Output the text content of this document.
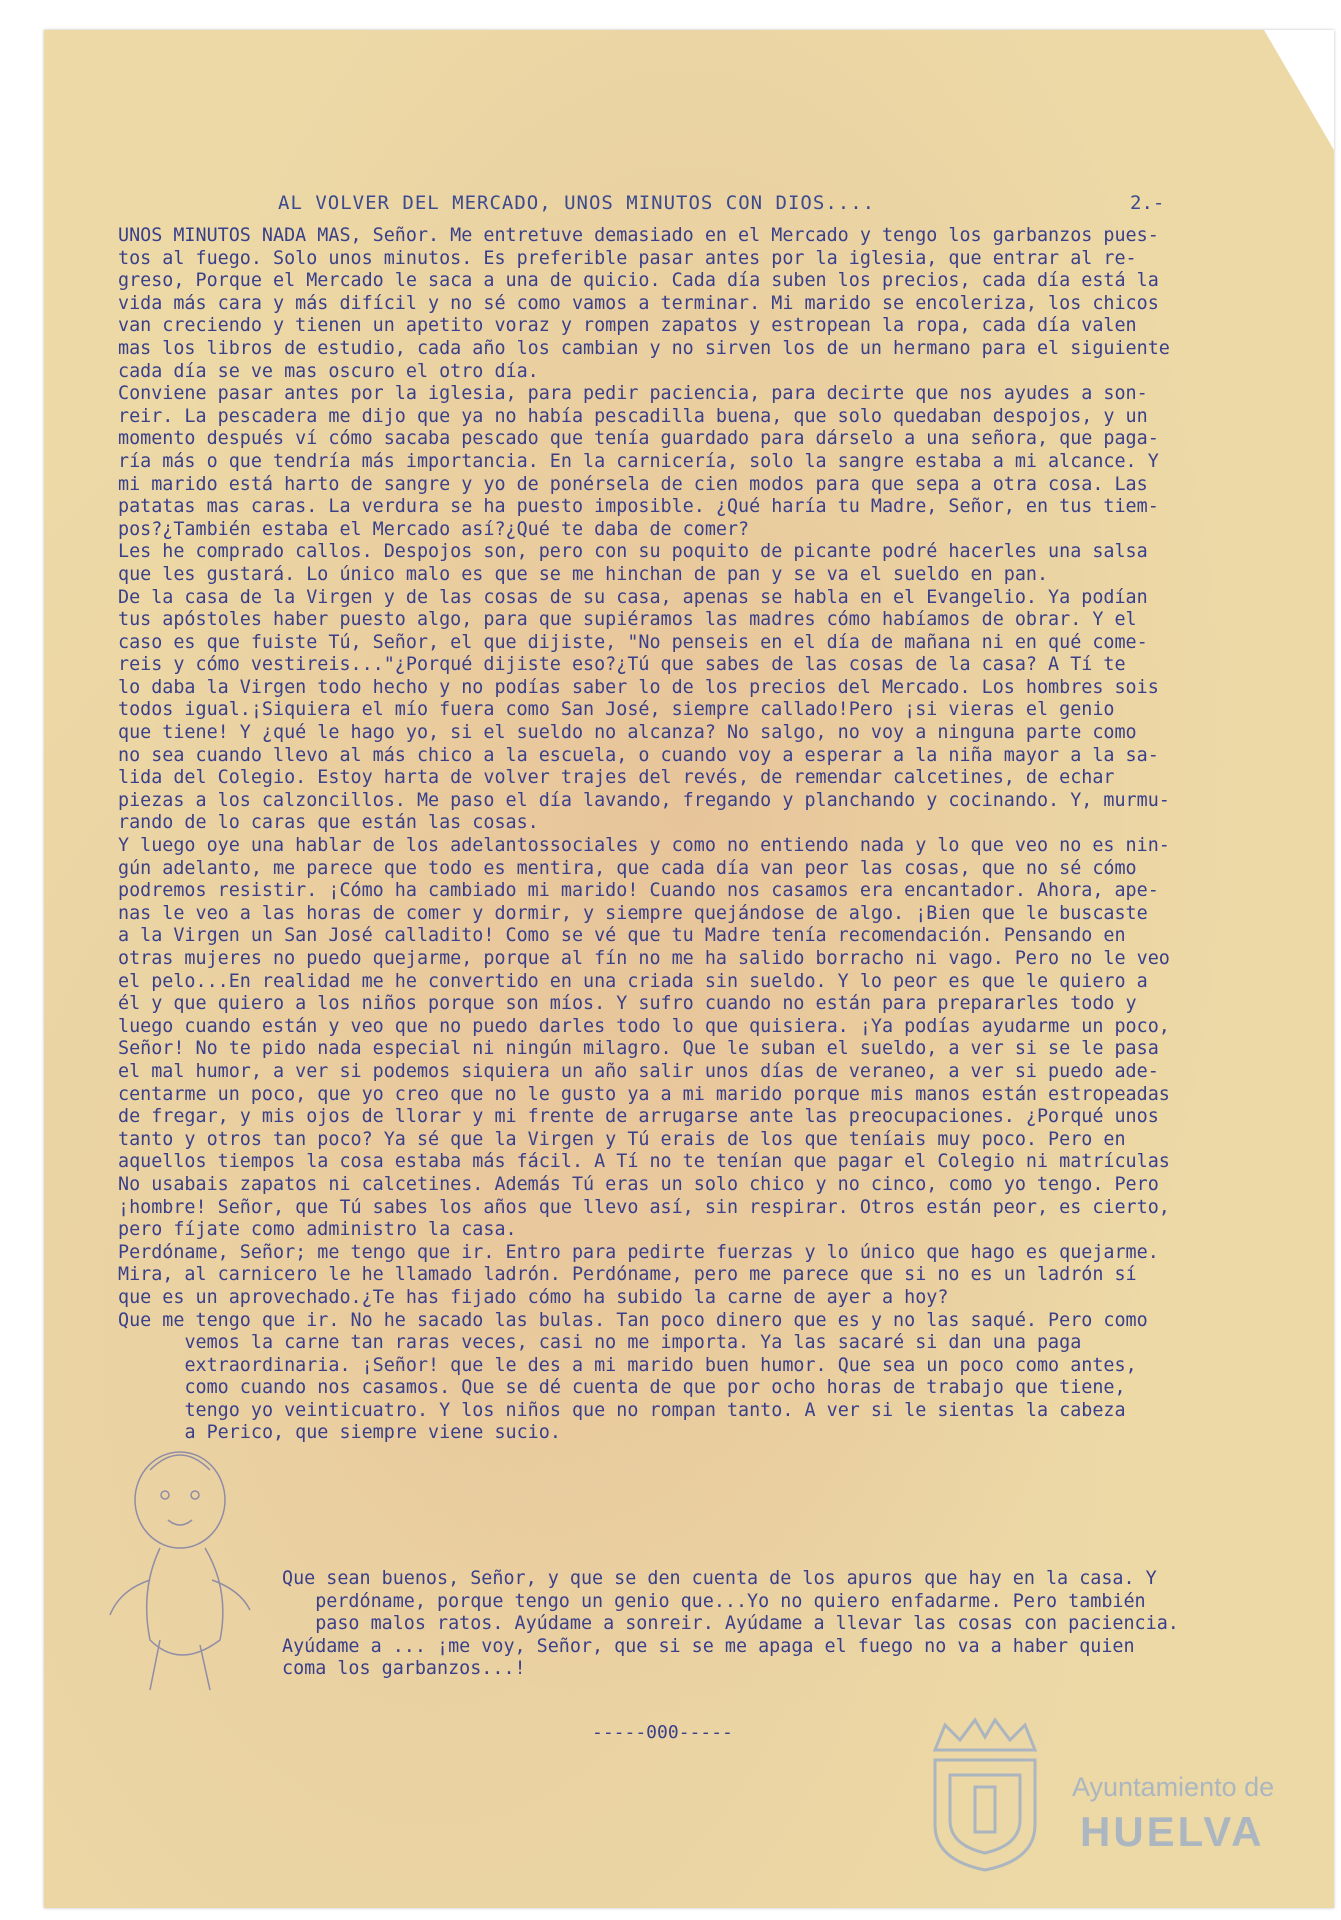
AL VOLVER DEL MERCADO, UNOS MINUTOS CON DIOS....	2.-
UNOS MINUTOS NADA MAS, Señor. Me entretuve demasiado en el Mercado y tengo los garbanzos pues-
tos al fuego. Solo unos minutos. Es preferible pasar antes por la iglesia, que entrar al re-
greso, Porque el Mercado le saca a una de quicio. Cada día suben los precios, cada día está la
vida más cara y más difícil y no sé como vamos a terminar. Mi marido se encoleriza, los chicos
van creciendo y tienen un apetito voraz y rompen zapatos y estropean la ropa, cada día valen
mas los libros de estudio, cada año los cambian y no sirven los de un hermano para el siguiente
cada día se ve mas oscuro el otro día.
Conviene pasar antes por la iglesia, para pedir paciencia, para decirte que nos ayudes a son-
reir. La pescadera me dijo que ya no había pescadilla buena, que solo quedaban despojos, y un
momento después ví cómo sacaba pescado que tenía guardado para dárselo a una señora, que paga-
ría más o que tendría más importancia. En la carnicería, solo la sangre estaba a mi alcance. Y
mi marido está harto de sangre y yo de ponérsela de cien modos para que sepa a otra cosa. Las
patatas mas caras. La verdura se ha puesto imposible. ¿Qué haría tu Madre, Señor, en tus tiem-
pos?¿También estaba el Mercado así?¿Qué te daba de comer?
Les he comprado callos. Despojos son, pero con su poquito de picante podré hacerles una salsa
que les gustará. Lo único malo es que se me hinchan de pan y se va el sueldo en pan.
De la casa de la Virgen y de las cosas de su casa, apenas se habla en el Evangelio. Ya podían
tus apóstoles haber puesto algo, para que supiéramos las madres cómo habíamos de obrar. Y el
caso es que fuiste Tú, Señor, el que dijiste, "No penseis en el día de mañana ni en qué come-
reis y cómo vestireis..."¿Porqué dijiste eso?¿Tú que sabes de las cosas de la casa? A Tí te
lo daba la Virgen todo hecho y no podías saber lo de los precios del Mercado. Los hombres sois
todos igual.¡Siquiera el mío fuera como San José, siempre callado!Pero ¡si vieras el genio
que tiene! Y ¿qué le hago yo, si el sueldo no alcanza? No salgo, no voy a ninguna parte como
no sea cuando llevo al más chico a la escuela, o cuando voy a esperar a la niña mayor a la sa-
lida del Colegio. Estoy harta de volver trajes del revés, de remendar calcetines, de echar
piezas a los calzoncillos. Me paso el día lavando, fregando y planchando y cocinando. Y, murmu-
rando de lo caras que están las cosas.
Y luego oye una hablar de los adelantossociales y como no entiendo nada y lo que veo no es nin-
gún adelanto, me parece que todo es mentira, que cada día van peor las cosas, que no sé cómo
podremos resistir. ¡Cómo ha cambiado mi marido! Cuando nos casamos era encantador. Ahora, ape-
nas le veo a las horas de comer y dormir, y siempre quejándose de algo. ¡Bien que le buscaste
a la Virgen un San José calladito! Como se vé que tu Madre tenía recomendación. Pensando en
otras mujeres no puedo quejarme, porque al fín no me ha salido borracho ni vago. Pero no le veo
el pelo...En realidad me he convertido en una criada sin sueldo. Y lo peor es que le quiero a
él y que quiero a los niños porque son míos. Y sufro cuando no están para prepararles todo y
luego cuando están y veo que no puedo darles todo lo que quisiera. ¡Ya podías ayudarme un poco,
Señor! No te pido nada especial ni ningún milagro. Que le suban el sueldo, a ver si se le pasa
el mal humor, a ver si podemos siquiera un año salir unos días de veraneo, a ver si puedo ade-
centarme un poco, que yo creo que no le gusto ya a mi marido porque mis manos están estropeadas
de fregar, y mis ojos de llorar y mi frente de arrugarse ante las preocupaciones. ¿Porqué unos
tanto y otros tan poco? Ya sé que la Virgen y Tú erais de los que teníais muy poco. Pero en
aquellos tiempos la cosa estaba más fácil. A Tí no te tenían que pagar el Colegio ni matrículas
No usabais zapatos ni calcetines. Además Tú eras un solo chico y no cinco, como yo tengo. Pero
¡hombre! Señor, que Tú sabes los años que llevo así, sin respirar. Otros están peor, es cierto,
pero fíjate como administro la casa.
Perdóname, Señor; me tengo que ir. Entro para pedirte fuerzas y lo único que hago es quejarme.
Mira, al carnicero le he llamado ladrón. Perdóname, pero me parece que si no es un ladrón sí
que es un aprovechado.¿Te has fijado cómo ha subido la carne de ayer a hoy?
Que me tengo que ir. No he sacado las bulas. Tan poco dinero que es y no las saqué. Pero como
vemos la carne tan raras veces, casi no me importa. Ya las sacaré si dan una paga
extraordinaria. ¡Señor! que le des a mi marido buen humor. Que sea un poco como antes,
como cuando nos casamos. Que se dé cuenta de que por ocho horas de trabajo que tiene,
tengo yo veinticuatro. Y los niños que no rompan tanto. A ver si le sientas la cabeza
a Perico, que siempre viene sucio.
Que sean buenos, Señor, y que se den cuenta de los apuros que hay en la casa. Y
perdóname, porque tengo un genio que...Yo no quiero enfadarme. Pero también
paso malos ratos. Ayúdame a sonreir. Ayúdame a llevar las cosas con paciencia.
Ayúdame a ... ¡me voy, Señor, que si se me apaga el fuego no va a haber quien
coma los garbanzos...!
-----000-----
Ayuntamiento de
HUELVA
